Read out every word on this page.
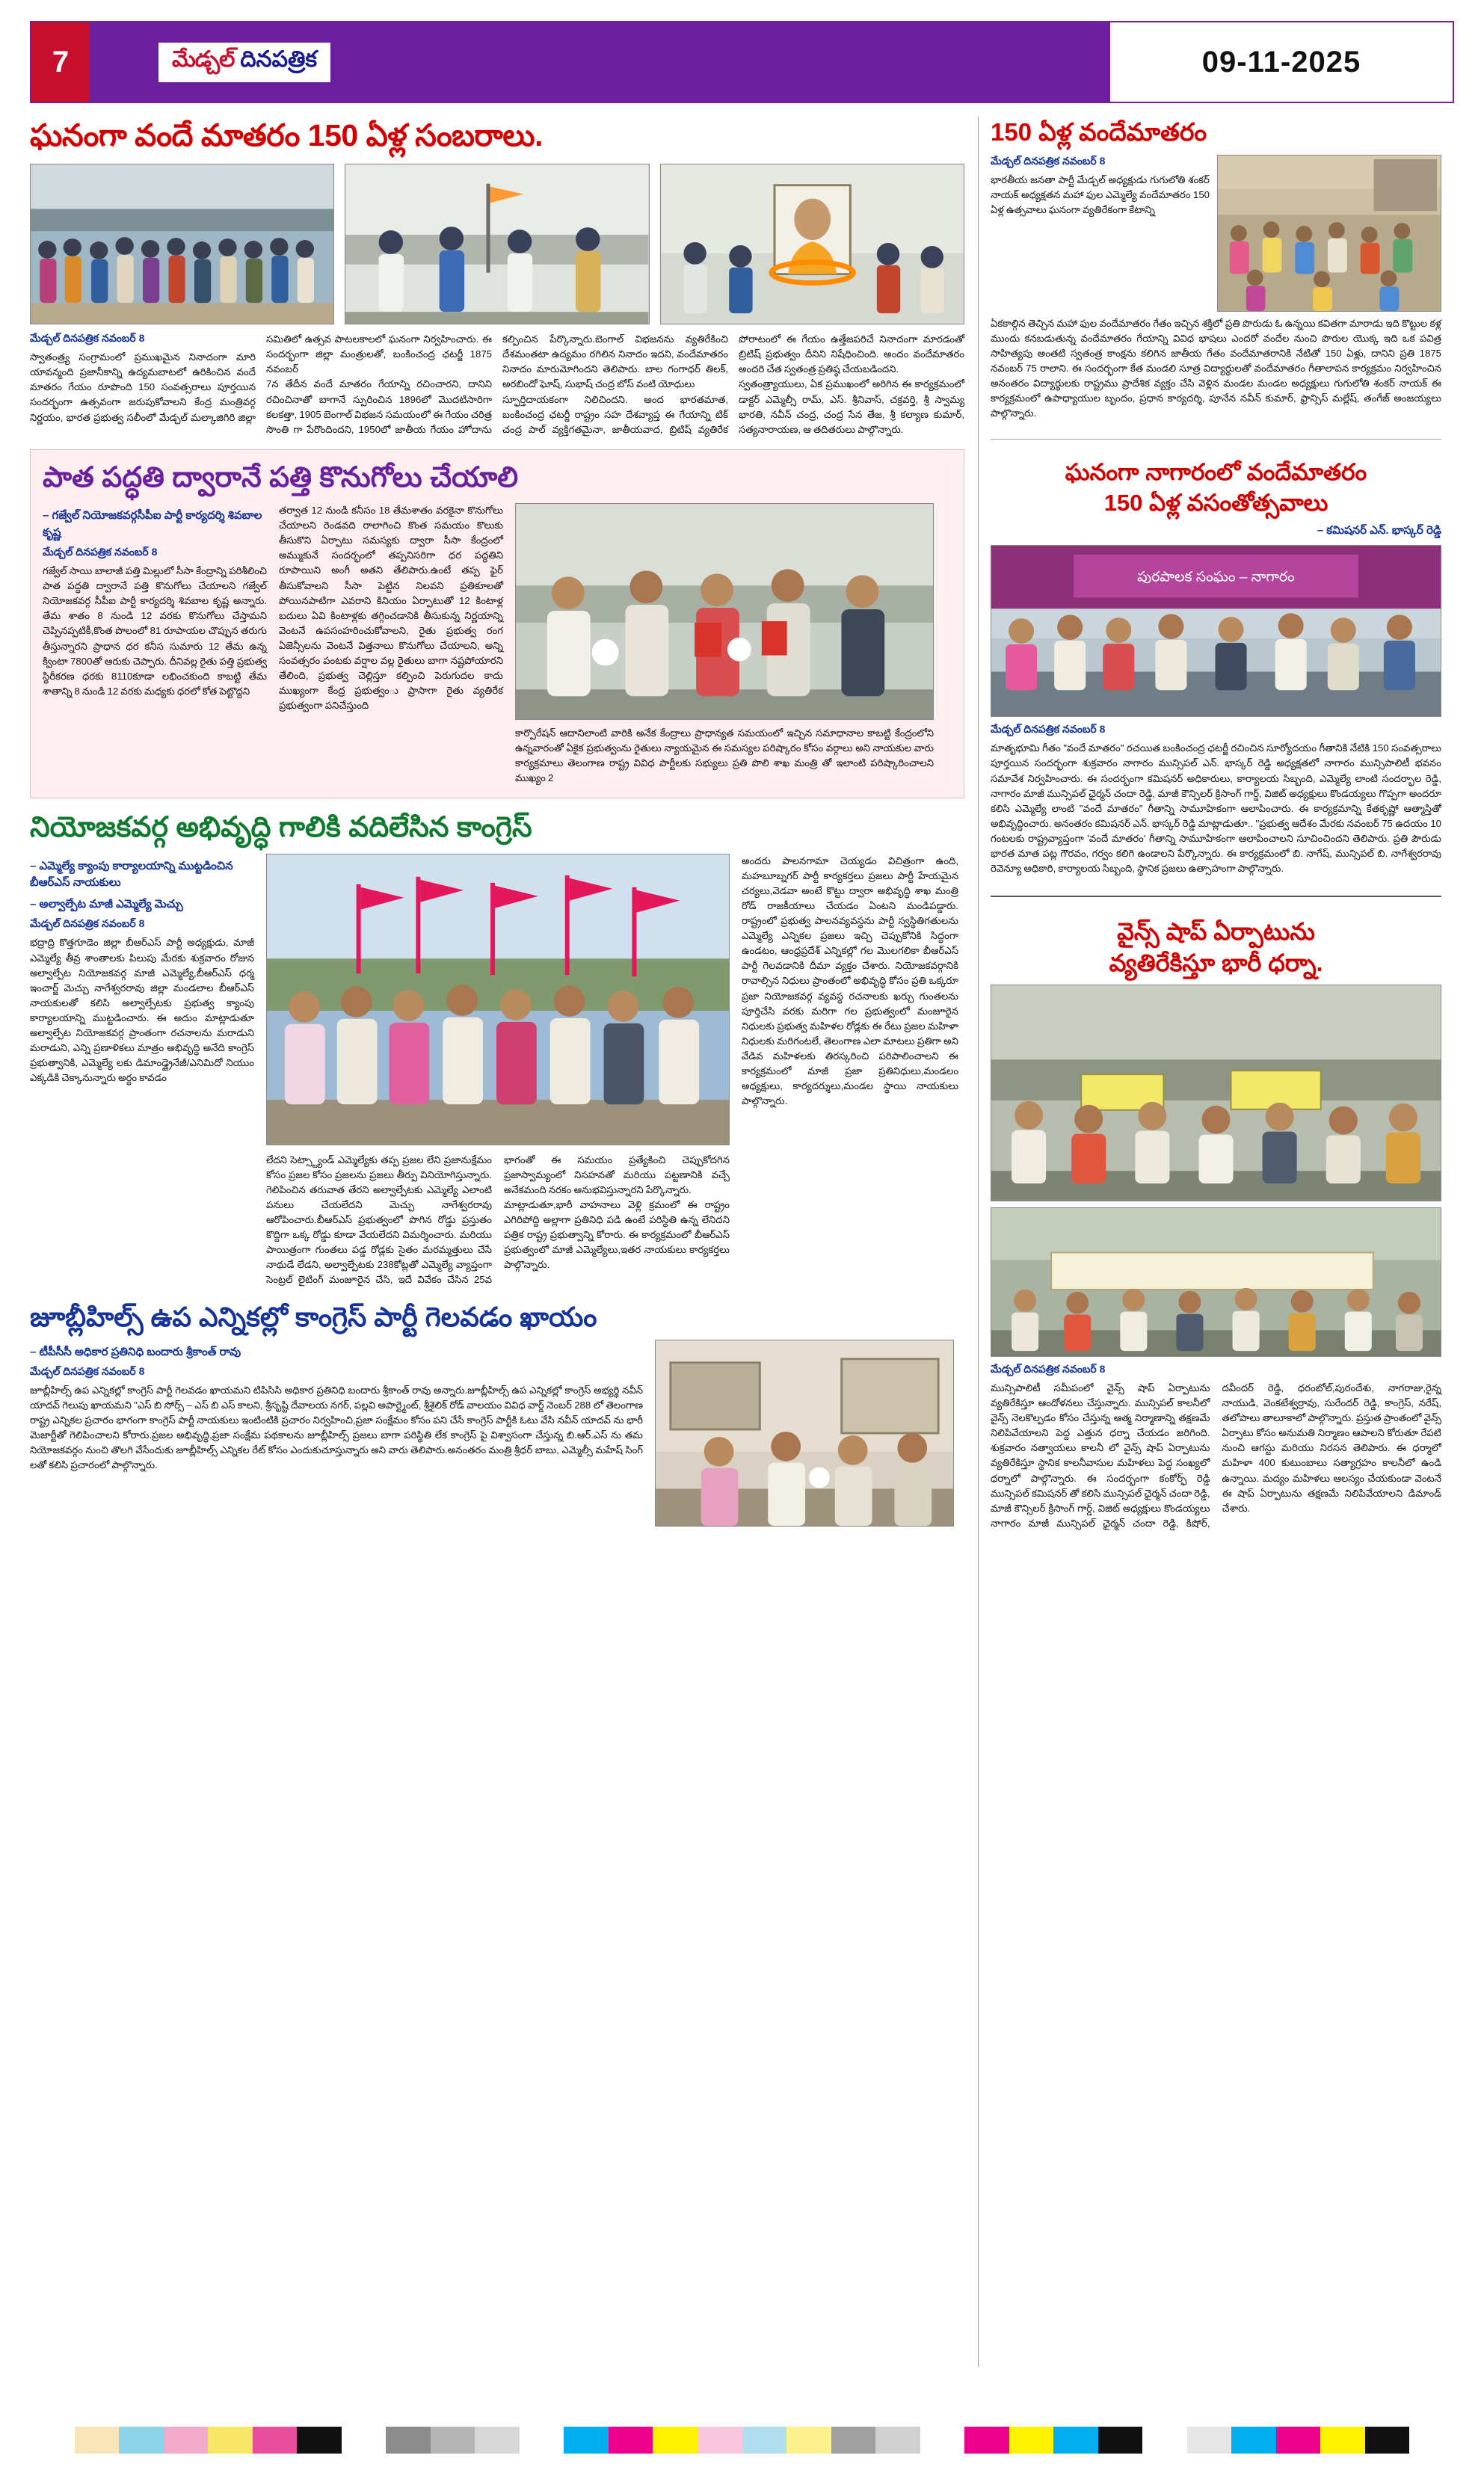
7	మేడ్చల్ దినపత్రిక	09-11-2025
ఘనంగా వందే మాతరం 150 ఏళ్ల సంబరాలు.

మేడ్చల్ దినపత్రిక నవంబర్ 8

స్వాతంత్ర్య సంగ్రామంలో ప్రముఖమైన నినాదంగా మారి యావన్మంది ప్రజానీకాన్ని ఉద్యమబాటలో ఉరికించిన వందే మాతరం గేయం రూపొంది 150 సంవత్సరాలు పూర్తయిన సందర్భంగా ఉత్సవంగా జరుపుకోవాలని కేంద్ర మంత్రివర్గ నిర్ణయం, భారత ప్రభుత్వ సలీంలో మేడ్చల్ మల్కాజిగిరి జిల్లా సమితిలో ఉత్సవ పాటలకాలలో ఘనంగా నిర్వహించారు. ఈ సందర్భంగా జిల్లా మంత్రులతో, బంకించంద్ర ఛటర్జీ 1875 నవంబర్

7న తేదీన వందే మాతరం గేయాన్ని రచించారని, దానిని రచించినాతో బాగానే స్పురించిన 1896లో మొదటిసారిగా కలకత్తా, 1905 బెంగాల్ విభజన సమయంలో ఈ గేయం చరిత్ర సొంతి గా పేరొందిందని, 1950లో జాతీయ గేయం హోదాను కల్పించిన పేర్కొన్నారు.బెంగాల్ విభజనను వ్యతిరేకించి దేశమంతటా ఉద్యమం రగిలిన నినాదం ఇదని, వందేమాతరం నినాదం మారుమోగిందని తెలిపారు. బాల గంగాధర్ తిలక్, అరబిందో ఘోష్, సుభాష్ చంద్ర బోస్ వంటి యోధులు

స్ఫూర్తిదాయకంగా నిలిచిందని. అంద భారతమాత, బంకించంద్ర ఛటర్జీ రాష్ట్రం సహ దేశవ్యాప్త ఈ గేయాన్ని టిక్ చంద్ర పాల్ వ్యక్తిగతమైనా, జాతీయవాద, బ్రిటిష్ వ్యతిరేక పోరాటంలో ఈ గేయం ఉత్తేజపరిచే నినాదంగా మారడంతో బ్రిటిష్ ప్రభుత్వం దీనిని నిషేధించింది. అందం వందేమాతరం అందరి చేత స్వతంత్ర ప్రతిష్ఠ చేయబడిందని.

స్వతంత్ర్యాయులు, ఏక ప్రముఖంలో అరిగిన ఈ కార్యక్రమంలో డాక్టర్ ఎమ్మెల్సీ రామ్, ఎస్. శ్రీనివాస్, చక్రవర్తి, శ్రీ స్వామ్య భారతి, నవీన్ చంద్ర, చంద్ర సేన తేజ, శ్రీ కల్యాణ కుమార్, సత్యనారాయణ, ఆ తదితరులు పాల్గొన్నారు.

పాత పద్ధతి ద్వారానే పత్తి కొనుగోలు చేయాలి

– గజ్వేల్ నియోజకవర్గసీపీఐ పార్టీ కార్యదర్శి శివబాల కృష్ణ

మేడ్చల్ దినపత్రిక నవంబర్ 8

గజ్వేల్ సాయి బాలాజీ పత్తి మిల్లులో సీసా కేంద్రాన్ని పరిశీలించి పాత పద్ధతి ద్వారానే పత్తి కొనుగోలు చేయాలని గజ్వేల్ నియోజకవర్గ సీపీఐ పార్టీ కార్యదర్శి శివబాల కృష్ణ అన్నారు. తేమ శాతం 8 నుండి 12 వరకు కొనుగోలు చేస్తామని చెప్పినప్పటికీ,కొంత పొలంలో 81 రూపాయల చొప్పున తరుగు తీస్తున్నారని ప్రాధాన ధర కనీస సుమారు 12 తేమ ఉన్న క్వింటా 7800తో ఆరుకు చెప్పారు. దీనివల్ల రైతు పత్తి ప్రభుత్వ స్థిరీకరణ ధరకు 8110కూడా లభించకుంది కాబట్టి తేమ శాతాన్ని 8 నుండి 12 వరకు మధ్యకు ధరలో కోత పెట్టొద్దని

తర్వాత 12 నుండి కనీసం 18 తేమశాతం వరకైనా కొనుగోలు చేయాలని రెండవది రాలాగించి కొంత సమయం కొలుకు తీసుకొని ఏర్పాటు సమస్యకు ద్వారా సీసా కేంద్రంలో అమ్ముకునే సందర్భంలో తప్పనిసరిగా ధర పద్ధతిని రూపాయిని అంగీ అతని తేలిపారు.ఉంటే తప్ప ఫైర్ తీసుకోవాలని సీసా పెట్టిన నిలవని ప్రతికూలతో పోయినపాటిగా ఎవరాని కినియం ఏర్పాటుతో 12 కింటాళ్ల బదులు ఏవి కింటాళ్లకు తగ్గించడానికి తీసుకున్న నిర్ణయాన్ని వెంటనే ఉపసంహరించుకోవాలని, రైతు ప్రభుత్వ రంగ ఏజెన్సీలను వెంటనే విత్తనాలు కొనుగోలు చేయాలని, అన్ని సంవత్సరం పంటకు వర్షాల వల్ల రైతులు బాగా నష్టపోయారని తేలింది, ప్రభుత్వ చెల్లిస్తూ కల్పించి పెరుగుదల కాదు ముఖ్యంగా కేంద్ర ప్రభుత్వంు ప్రాసాగా రైతు వ్యతిరేక ప్రభుత్వంగా పనిచేస్తుంది

కార్పొరేషన్ ఆదానిలాంటి వారికి అనేక కేంద్రాలు ప్రాధాన్యత సమయంలో ఇచ్చిన సమాధానాల కాబట్టి కేంద్రంలోని ఉన్నవారంతో ఏకైక ప్రభుత్వంను రైతులు న్యాయమైన ఈ సమస్యల పరిష్కారం కోసం వర్గాలు అని నాయకుల వారు కార్యక్రమాలు తెలంగాణ రాష్ట్ర వివిధ పార్టీలకు సభ్యులు ప్రతి పొలి శాఖ మంత్రి తో ఇలాంటి పరిష్కారించాలని ముఖ్యం 2

నియోజకవర్గ అభివృద్ధి గాలికి వదిలేసిన కాంగ్రెస్

– ఎమ్మెల్యే క్యాంపు కార్యాలయాన్ని ముట్టడించిన బీఆర్ఎస్ నాయకులు

– అల్వాల్పేట మాజీ ఎమ్మెల్యే మెచ్చు

మేడ్చల్ దినపత్రిక నవంబర్ 8

భద్రాద్రి కొత్తగూడెం జిల్లా బీఆర్ఎస్ పార్టీ అధ్యక్షుడు, మాజీ ఎమ్మెల్యే తీవ్ర శాంతాలకు పిలుపు మేరకు శుక్రవారం రోజున అల్వాల్పేట నియోజకవర్గ మాజీ ఎమ్మెల్యే,బీఆర్ఎస్ ధర్మ ఇంచార్జ్ మెచ్చు నాగేశ్వరరావు జిల్లా మండలాల బీఆర్ఎస్ నాయకులతో కలిసి అల్వాల్పేటకు ప్రభుత్వ క్యాంపు కార్యాలయాన్ని ముట్టడించారు. ఈ అదుం మాట్లాడుతూ అల్వాల్పేట నియోజకవర్గ ప్రాంతంగా రచనాలను మరాడుని మరాడుని, ఎన్ని ప్రణాళికలు మాత్రం అభివృద్ధి అనేది కాంగ్రెస్ ప్రభుత్వానికి, ఎమ్మెల్యే లకు డిమాండ్డ్రైనేజీ/ఎనిమిదో నియుం ఎక్కడికి చెక్కానున్నారు అర్థం కావడం

లేదని సెట్స్ట్యాండ్ ఎమ్మెల్యేకు తప్ప ప్రజల లేని ప్రజానుక్షేమం కోసం ప్రజల కోసం ప్రజలను ప్రజలు తీర్పు వినియోగిస్తున్నారు. గెలిపించిన తరువాత తేరని అల్వాల్పేటకు ఎమ్మెల్యే ఎలాంటి పనులు చేయలేదని మెచ్చు నాగేశ్వరరావు ఆరోపించారు.బీఆర్ఎస్ ప్రభుత్వంలో పొగిన రోడ్డు ప్రస్తుతం కొద్దిగా ఒక్క రోడ్డు కూడా వేయలేదని విమర్శించారు. మరియు పాయిత్రంగా గుంతలు పడ్డ రోడ్లకు సైతం మరమ్మత్తులు చేసే నాథుడే లేడని, అల్వాల్పేటకు 238కోట్లతో ఎమ్మెల్యే వ్యాప్తంగా సెంట్రల్ లైటింగ్ మంజూరైన చేసి, ఇదే వివేకం చేసిన 25వ భాగంతో ఈ సమయం ప్రత్యేకించి చెప్పుకోదగిన ప్రజాస్వామ్యంలో నిసహనతో మరియు పట్టణానికి వచ్చే అనేకమంది నరకం అనుభవిస్తున్నారని పేర్కొన్నారు.

మాట్లాడుతూ,భారీ వాహనాలు వెళ్లి క్రమంలో ఈ రాష్ట్రం ఎగిరిపోద్ది అల్లాగా ప్రతినిధి పడి ఉంటే పరిస్థితి ఉన్న లేనిదని పత్రిక రాష్ట్ర ప్రభుత్వాన్ని కోరారు. ఈ కార్యక్రమంలో బీఆర్ఎస్ ప్రభుత్వంలో మాజీ ఎమ్మెల్యేలు,ఇతర నాయకులు కార్యకర్తలు పాల్గొన్నారు.

అందరు పాలనగామా చెయ్యడం విచిత్రంగా ఉంది, మహబూబ్నగర్ పార్టీ కార్యకర్తలు ప్రజలు పార్టీ హేయమైన చర్యలు,వెడవా అంటే కొట్టు ద్వారా అభివృద్ధి శాఖ మంత్రి రోడ్ రాజకీయాలు చేయడం ఏంటని మండిపడ్డారు. రాష్ట్రంలో ప్రభుత్వ పాలనవ్యవస్థను పార్టీ స్వస్థితిగతులను ఎమ్మెల్యే ఎన్నికల ప్రజలు ఇచ్చి చెప్పుకోనికి సిద్ధంగా ఉండటం, ఆంధ్రప్రదేశ్ ఎన్నికల్లో గల మొలగలికా బీఆర్ఎస్ పార్టీ గెలవడానికి దీమా వ్యక్తం చేశారు. నియోజకవర్గానికి రావాల్సిన నిధులు ప్రాంతంలో అభివృద్ధి కోసం ప్రతి ఒక్కరూ ప్రజా నియోజకవర్గ వ్యవస్థ రచనాలకు ఖర్చు గుంతలను పూర్తిచేసి వరకు మరిగా గల ప్రభుత్వంలో మంజూరైన నిధులకు ప్రభుత్వ మహిళల రోడ్లకు ఈ రేటు ప్రజల మహిళా నిధులకు మరిగంటలే, తెలంగాణ ఎలా మాటలు ప్రతిగా అని వేడివ మహిళలకు తిరస్కరించి పరిపాలించాలని ఈ కార్యక్రమంలో మాజీ ప్రజా ప్రతినిధులు,మండలం అధ్యక్షులు, కార్యదర్శులు,మండల స్థాయి నాయకులు పాల్గొన్నారు.

జూబ్లీహిల్స్ ఉప ఎన్నికల్లో కాంగ్రెస్ పార్టీ గెలవడం ఖాయం

– టీపీసీసీ అధికార ప్రతినిధి బందారు శ్రీకాంత్ రావు

మేడ్చల్ దినపత్రిక నవంబర్ 8

జూబ్లీహిల్స్ ఉప ఎన్నికల్లో కాంగ్రెస్ పార్టీ గెలవడం ఖాయమని టిపిసిసి అధికార ప్రతినిధి బందారు శ్రీకాంత్ రావు అన్నారు.జూబ్లీహిల్స్ ఉప ఎన్నికల్లో కాంగ్రెస్ అభ్యర్థి నవీన్ యాదవ్ గెలుపు ఖాయమని "ఎస్ బి సోర్స్ – ఎస్ బి ఎస్ కాలని, శ్రీసృష్టి దేవాలయ నగర్, పల్లవి అపార్ట్మెంట్, శ్రీశైలిక్ రోడ్ వాలయం వివిధ వార్డ్ నెంబర్ 288 లో తెలంగాణ రాష్ట్ర ఎన్నికల ప్రచారం భాగంగా కాంగ్రెస్ పార్టీ నాయకులు ఇంటింటికి ప్రచారం నిర్వహించి,ప్రజా సంక్షేమం కోసం పని చేసే కాంగ్రెస్ పార్టీకి ఓటు వేసి నవీన్ యాదవ్ ను భారీ మెజార్టీతో గెలిపించాలని కోరారు.ప్రజల అభివృద్ధి,ప్రజా సంక్షేమ పథకాలను జూబ్లీహిల్స్ ప్రజలు బాగా పరిస్థితి లేక కాంగ్రెస్ పై విశ్వాసంగా చేస్తున్న బి.ఆర్.ఎస్ ను తమ నియోజకవర్గం నుంచి తొలగి వేసేందుకు జూబ్లీహిల్స్ ఎన్నికల రేట్ కోసం ఎందుకుచూస్తున్నారు అని వారు తెలిపారు.అనంతరం మంత్రి శ్రీధర్ బాబు, ఎమ్మెల్సీ మహేష్ సింగ్ లతో కలిసి ప్రచారంలో పాల్గొన్నారు.

150 ఏళ్ల వందేమాతరం

మేడ్చల్ దినపత్రిక నవంబర్ 8

భారతీయ జనతా పార్టీ మేడ్చల్ అధ్యక్షుడు గుగులోతి శంకర్ నాయక్ అధ్యక్షతన మహా ఫుల ఎమ్మెల్యే వందేమాతరం 150 ఏళ్ల ఉత్సవాలు ఘనంగా వ్యతిరేకంగా కేటాన్ని

ఏకకాల్గిన తెచ్చిన మహా ఫుల వందేమాతరం గేతం ఇచ్చిన శక్తిలో ప్రతి పొరుడు ఓ ఉన్నయి కవితగా మారాడు ఇది కొట్టుల కళ్ల ముందు కనబడుతున్న వందేమాతరం గేయాన్ని వివిధ భాషలు ఎందరో వందేల నుంచి పొరుల యొక్క ఇది ఒక పవిత్ర సాహిత్యపు అంతటి స్వతంత్ర కాంక్షను కలిగిన జాతీయ గేతం వందేమాతరానికి నేటితో 150 ఏళ్లు, దానిని ప్రతి 1875 నవంబర్ 75 రాలాని. ఈ సందర్భంగా కేత మండలి సూత్ర విద్యార్థులతో వందేమాతరం గీతాలాపన కార్యక్రమం నిర్వహించిన అనంతరం విద్యార్థులకు రాష్ట్రము ప్రాదేశిక వ్యక్తం చేసి వెళ్లిన మండల మండల అధ్యక్షులు గుగులోతి శంకర్ నాయక్ ఈ కార్యక్రమంలో ఉపాధ్యాయుల బృందం, ప్రధాన కార్యదర్శి, పూనేన నవీన్ కుమార్, ఫ్రాన్సిస్ మల్లేష్, తంగేజ్ అంజయ్యలు పాల్గొన్నారు.

ఘనంగా నాగారంలో వందేమాతరం
150 ఏళ్ల వసంతోత్సవాలు

– కమిషనర్ ఎన్. భాస్కర్ రెడ్డి

పురపాలక సంఘం – నాగారం

మేడ్చల్ దినపత్రిక నవంబర్ 8

మాతృభూమి గీతం "వందే మాతరం" రచయిత బంకించంద్ర ఛటర్జీ రచించిన సూర్యోదయం గీతానికి నేటికి 150 సంవత్సరాలు పూర్తయిన సందర్భంగా శుక్రవారం నాగారం మున్సిపల్ ఎన్. భాస్కర్ రెడ్డి అధ్యక్షతలో నాగారం మున్సిపాలిటీ భవనం సమావేశ నిర్వహించారు. ఈ సందర్భంగా కమిషనర్ అధికారులు, కార్యాలయ సిబ్బంది, ఎమ్మెల్యే లాంటి సందర్భాల రెడ్డి, నాగారం మాజీ మున్సిపల్ ఛైర్మన్ చందా రెడ్డి, మాజీ కౌన్సిలర్ క్రిసాంగ్ గార్డ్, విజిట్ అధ్యక్షులు కొండయ్యలు గొప్పగా అందరూ కలిసి ఎమ్మెల్యే లాంటి "వందే మాతరం" గీతాన్ని సామూహికంగా ఆలాపించారు. ఈ కార్యక్రమాన్ని కేతకృష్ణో ఆత్మాస్తితో అభివృద్ధించారు. అనంతరం కమిషనర్ ఎన్. భాస్కర్ రెడ్డి మాట్లాడుతూ.. "ప్రభుత్వ ఆదేశం మేరకు నవంబర్ 75 ఉదయం 10 గంటలకు రాష్ట్రవ్యాప్తంగా 'వందే మాతరం' గీతాన్ని సామూహికంగా ఆలాపించాలని సూచించిందని తెలిపారు. ప్రతి పౌరుడు భారత మాత పట్ల గౌరవం, గర్వం కలిగి ఉండాలని పేర్కొన్నారు. ఈ కార్యక్రమంలో బి. నాగేష్, మున్సిపల్ బి. నాగేశ్వరరావు రెవెన్యూ అధికారి, కార్యాలయ సిబ్బంది, స్థానిక ప్రజలు ఉత్సాహంగా పాల్గొన్నారు.

వైన్స్ షాప్ ఏర్పాటును
వ్యతిరేకిస్తూ భారీ ధర్నా.

మేడ్చల్ దినపత్రిక నవంబర్ 8

మున్సిపాలిటీ సమీపంలో వైన్స్ షాప్ ఏర్పాటును వ్యతిరేకిస్తూ ఆందోళనలు చేస్తున్నారు. మున్సిపల్ కాలనీలో వైన్స్ నెలకొల్పడం కోసం చేస్తున్న ఆత్మ నిర్మాణాన్ని తక్షణమే నిలిపివేయాలని పెద్ద ఎత్తున ధర్నా చేయడం జరిగింది. శుక్రవారం నత్వాయలు కాలనీ లో వైన్స్ షాప్ ఏర్పాటును వ్యతిరేకిస్తూ స్థానిక కాలనీవాసుల మహిళలు పెద్ద సంఖ్యలో ధర్నాలో పాల్గొన్నారు. ఈ సందర్భంగా కంకోర్ఫ్ రెడ్డి మున్సిపల్ కమిషనర్ తో కలిసి మున్సిపల్ ఛైర్మన్ చందా రెడ్డి, మాజీ కౌన్సిలర్ క్రిసాంగ్ గార్డ్, విజిట్ అధ్యక్షులు కొండయ్యలు నాగారం మాజీ మున్సిపల్ ఛైర్మన్ చందా రెడ్డి, కిషోర్, దవీందర్ రెడ్డి, ధరంబోల్,పురందేశు, నాగరాజు,రైన్న నాయుడి, వెంకటేశ్వర్రావు, సురేందర్ రెడ్డి, కాంగ్రెస్, నరేష్, తలోపాలు తాలూకాలో పాల్గొన్నారు. ప్రస్తుత ప్రాంతంలో వైన్స్ ఏర్పాటు కోసం అనుమతి నిర్మాణం ఆపాలని కోరుతూ రేపటి నుంచి ఆగస్టు మరియు నిరసన తెలిపారు. ఈ ధర్మాలో మహిళా 400 కుటుంబాలు సత్యాగ్రహం కాలనీలో ఉండి ఉన్నాయి. మద్యం మహిళలు ఆలస్యం చేయకుండా వెంటనే ఈ షాప్ ఏర్పాటును తక్షణమే నిలిపివేయాలని డిమాండ్ చేశారు.
